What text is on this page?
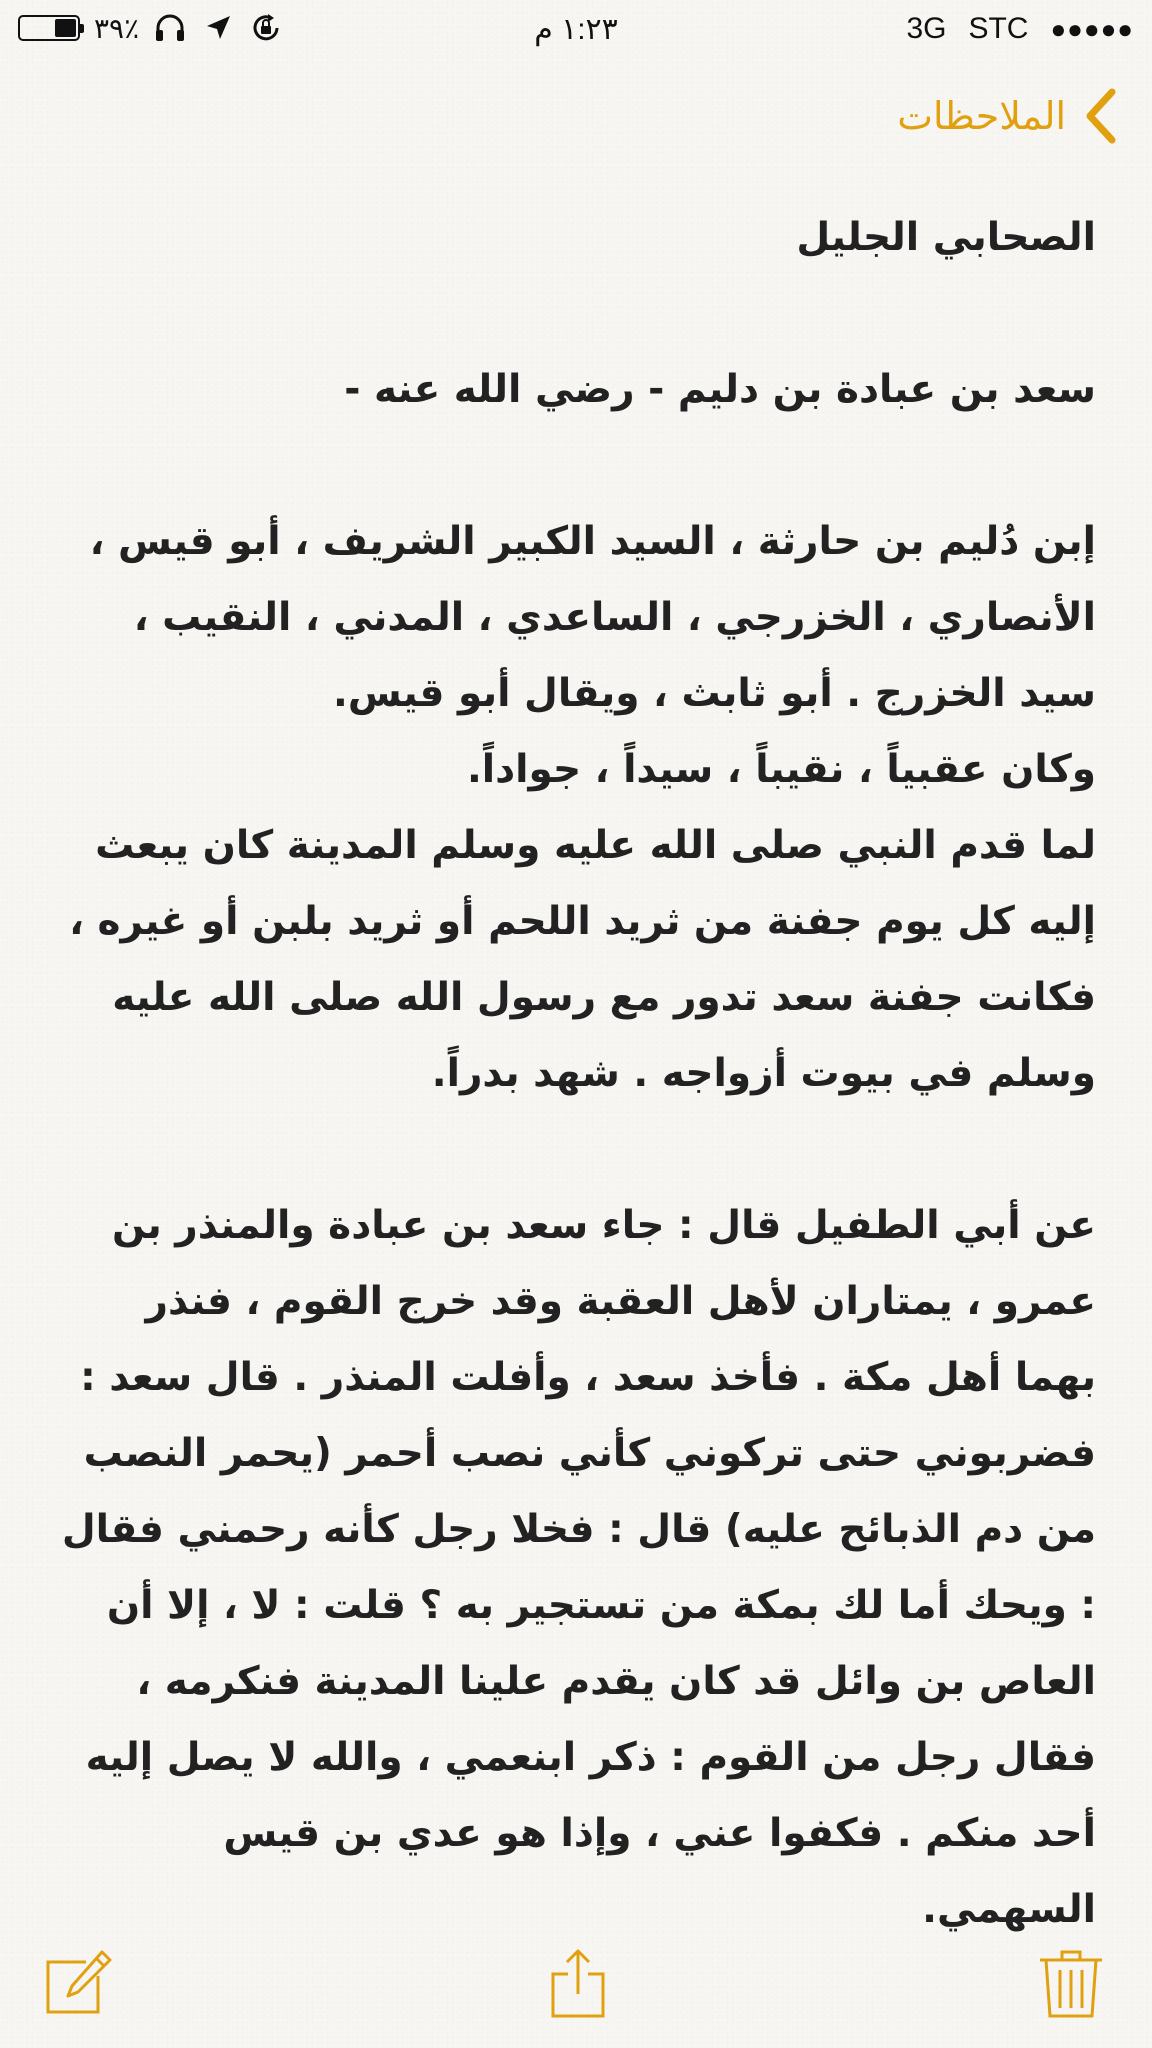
٪٣٩	١:٢٣ م	3G STC ●●●●●
الملاحظات

الصحابي الجليل

سعد بن عبادة بن دليم - رضي الله عنه -

إبن دُليم بن حارثة ، السيد الكبير الشريف ، أبو قيس ، الأنصاري ، الخزرجي ، الساعدي ، المدني ، النقيب ، سيد الخزرج . أبو ثابث ، ويقال أبو قيس.

وكان عقبياً ، نقيباً ، سيداً ، جواداً.

لما قدم النبي صلى الله عليه وسلم المدينة كان يبعث إليه كل يوم جفنة من ثريد اللحم أو ثريد بلبن أو غيره ، فكانت جفنة سعد تدور مع رسول الله صلى الله عليه وسلم في بيوت أزواجه . شهد بدراً.

عن أبي الطفيل قال : جاء سعد بن عبادة والمنذر بن عمرو ، يمتاران لأهل العقبة وقد خرج القوم ، فنذر بهما أهل مكة . فأخذ سعد ، وأفلت المنذر . قال سعد : فضربوني حتى تركوني كأني نصب أحمر (يحمر النصب من دم الذبائح عليه) قال : فخلا رجل كأنه رحمني فقال : ويحك أما لك بمكة من تستجير به ؟ قلت : لا ، إلا أن العاص بن وائل قد كان يقدم علينا المدينة فنكرمه ، فقال رجل من القوم : ذكر ابنعمي ، والله لا يصل إليه أحد منكم . فكفوا عني ، وإذا هو عدي بن قيس السهمي.
